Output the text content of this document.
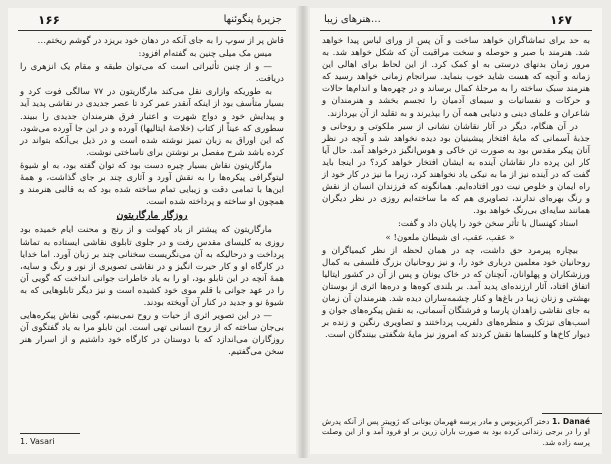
۱۶۶	جزیرهٔ پنگوئنها

قاش پر از سوپ را به جای آنکه در دهان خود بریزد در گوشم ریختم…

میس مک میلی چنین به گفته‌ام افزود:

— و از چنین تأثیراتی است که می‌توان طبقه و مقام یک انزهری را دریافت.

به طوریکه وازاری نقل می‌کند مارگاریتون در ۷۷ سالگی فوت کرد و بسیار متأسف بود از اینکه آنقدر عمر کرد تا عصر جدیدی در نقاشی پدید آید و پیدایش خود و دواج شهرت و اعتبار فرق هنرمندان جدیدی را ببیند. سطوری که عیناً از کتاب (خلاصهٔ ایتالیها) آورده و در این جا آورده می‌شود، که این اوراق به زبان تمیز نوشته شده است و در ذیل بی‌آنکه بتواند در کرده باشد شرح مفصل بر نوشتن برای ناساختی نوشت.

مارگاریتون نقاش بسیار چیره دست بود که توان گفته بود، به او شیوهٔ لیتوگرافی پیکره‌ها را به نقش آورد و آثاری چند بر جای گذاشت، و همهٔ این‌ها با تمامی دقت و زیبایی تمام ساخته شده بود که به قالبی هنرمند و همچون او ساخته و پرداخته شده است.

روزگار مارگاریتون

مارگاریتون که پیشتر از باد کهولت و از رنج و محنت ایام خمیده بود روزی به کلیسای مقدس رفت و در جلوی تابلوی نقاشی ایستاده به تماشا پرداخت و درحالیکه به آن می‌نگریست سخنانی چند بر زبان آورد. اما خدایا در کارگاه او و کار حیرت انگیز و در نقاشی تصویری از نور و رنگ و سایه، همهٔ آنچه در این تابلو بود، او را به یاد خاطرات جوانی انداخت که گویی آن را در عهد جوانی با قلم موی خود کشیده است و نیز دیگر تابلوهایی که به شیوهٔ نو و جدید در کنار آن آویخته بودند.

— در این تصویر اثری از حیات و روح نمی‌بینم، گویی نقاش پیکره‌هایی بی‌جان ساخته که از روح انسانی تهی است. این تابلو مرا به یاد گفتگوی آن روزگاران می‌اندازد که با دوستان در کارگاه خود داشتیم و از اسرار هنر سخن می‌گفتیم.

1. Vasari
۱۶۷
هنرهای زیبا…

به حد برای تماشاگران خواهد ساخت و آن پس از وراى لباس پیدا خواهد شد. هنرمند با صبر و حوصله و سخت مراقبت آن که شکل خواهد شد. به مرور زمان بدنهای درستی به او کمک کرد. از این لحاظ برای اهالی این زمانه و آنچه که هست شاید خوب بنماید. سرانجام زمانی خواهد رسید که هنرمند سبک ساخته را به مرحلهٔ کمال برساند و در چهره‌ها و اندام‌ها حالات و حرکات و نفسانیات و سیمای آدمیان را تجسم بخشد و هنرمندان و شاعران و علمای دینی و دنیایی همه آن را بپذیرند و به تقلید از آن بپردازند.

در آن هنگام، دیگر در آثار نقاشان نشانی از سیر ملکوتی و روحانی و جذبهٔ آسمانی که مایهٔ افتخار پیشینیان بود دیده نخواهد شد و آنچه در نظر آنان پیکر مقدس بود به صورت تن خاکی و هوس‌انگیز درخواهد آمد. حال آیا کار این پرده دار نقاشان آینده به ایشان افتخار خواهد کرد؟ در اینجا باید گفت که در آینده نیز از ما به نیکی یاد نخواهند کرد، زیرا ما نیز در کار خود از راه ایمان و خلوص نیت دور افتاده‌ایم. همانگونه که فرزندان انسان از نقش و رنگ بهره‌ای ندارند، تصاویری هم که ما ساخته‌ایم روزی در نظر دیگران همانند سایه‌ای بی‌رنگ خواهد بود.

استاد کهنسال با تأثر سخن خود را پایان داد و گفت:

« عقب، عقب، ای شیطان ملعون! »

بیچاره پیرمرد حق داشت، چه در همان لحظه از نظر کیمیاگران و روحانیان خود معلمین درباری خود را، و نیز روحانیان بزرگ فلسفی به کمال ورزشکاران و پهلوانان، آنچنان که در خاک یونان و پس از آن در کشور ایتالیا اتفاق افتاد، آثار ارزنده‌ای پدید آمد. بر بلندی کوه‌ها و دره‌ها اثری از بوستان بهشتی و زنان زیبا در باغ‌ها و کنار چشمه‌ساران دیده شد. هنرمندان آن زمان به جای نقاشی زاهدان پارسا و فرشتگان آسمانی، به نقش پیکره‌های جوان و اسب‌های تیزتک و منظره‌های دلفریب پرداختند و تصاویری رنگین و زنده بر دیوار کاخ‌ها و کلیساها نقش کردند که امروز نیز مایهٔ شگفتی بینندگان است.

1. Danaé دختر آکریزیوس و مادر پرسه قهرمان یونانی که ژوپیتر پس از آنکه پدرش او را در برجی زندانی کرده بود به صورت باران زرین بر او فرود آمد و از این وصلت پرسه زاده شد.
